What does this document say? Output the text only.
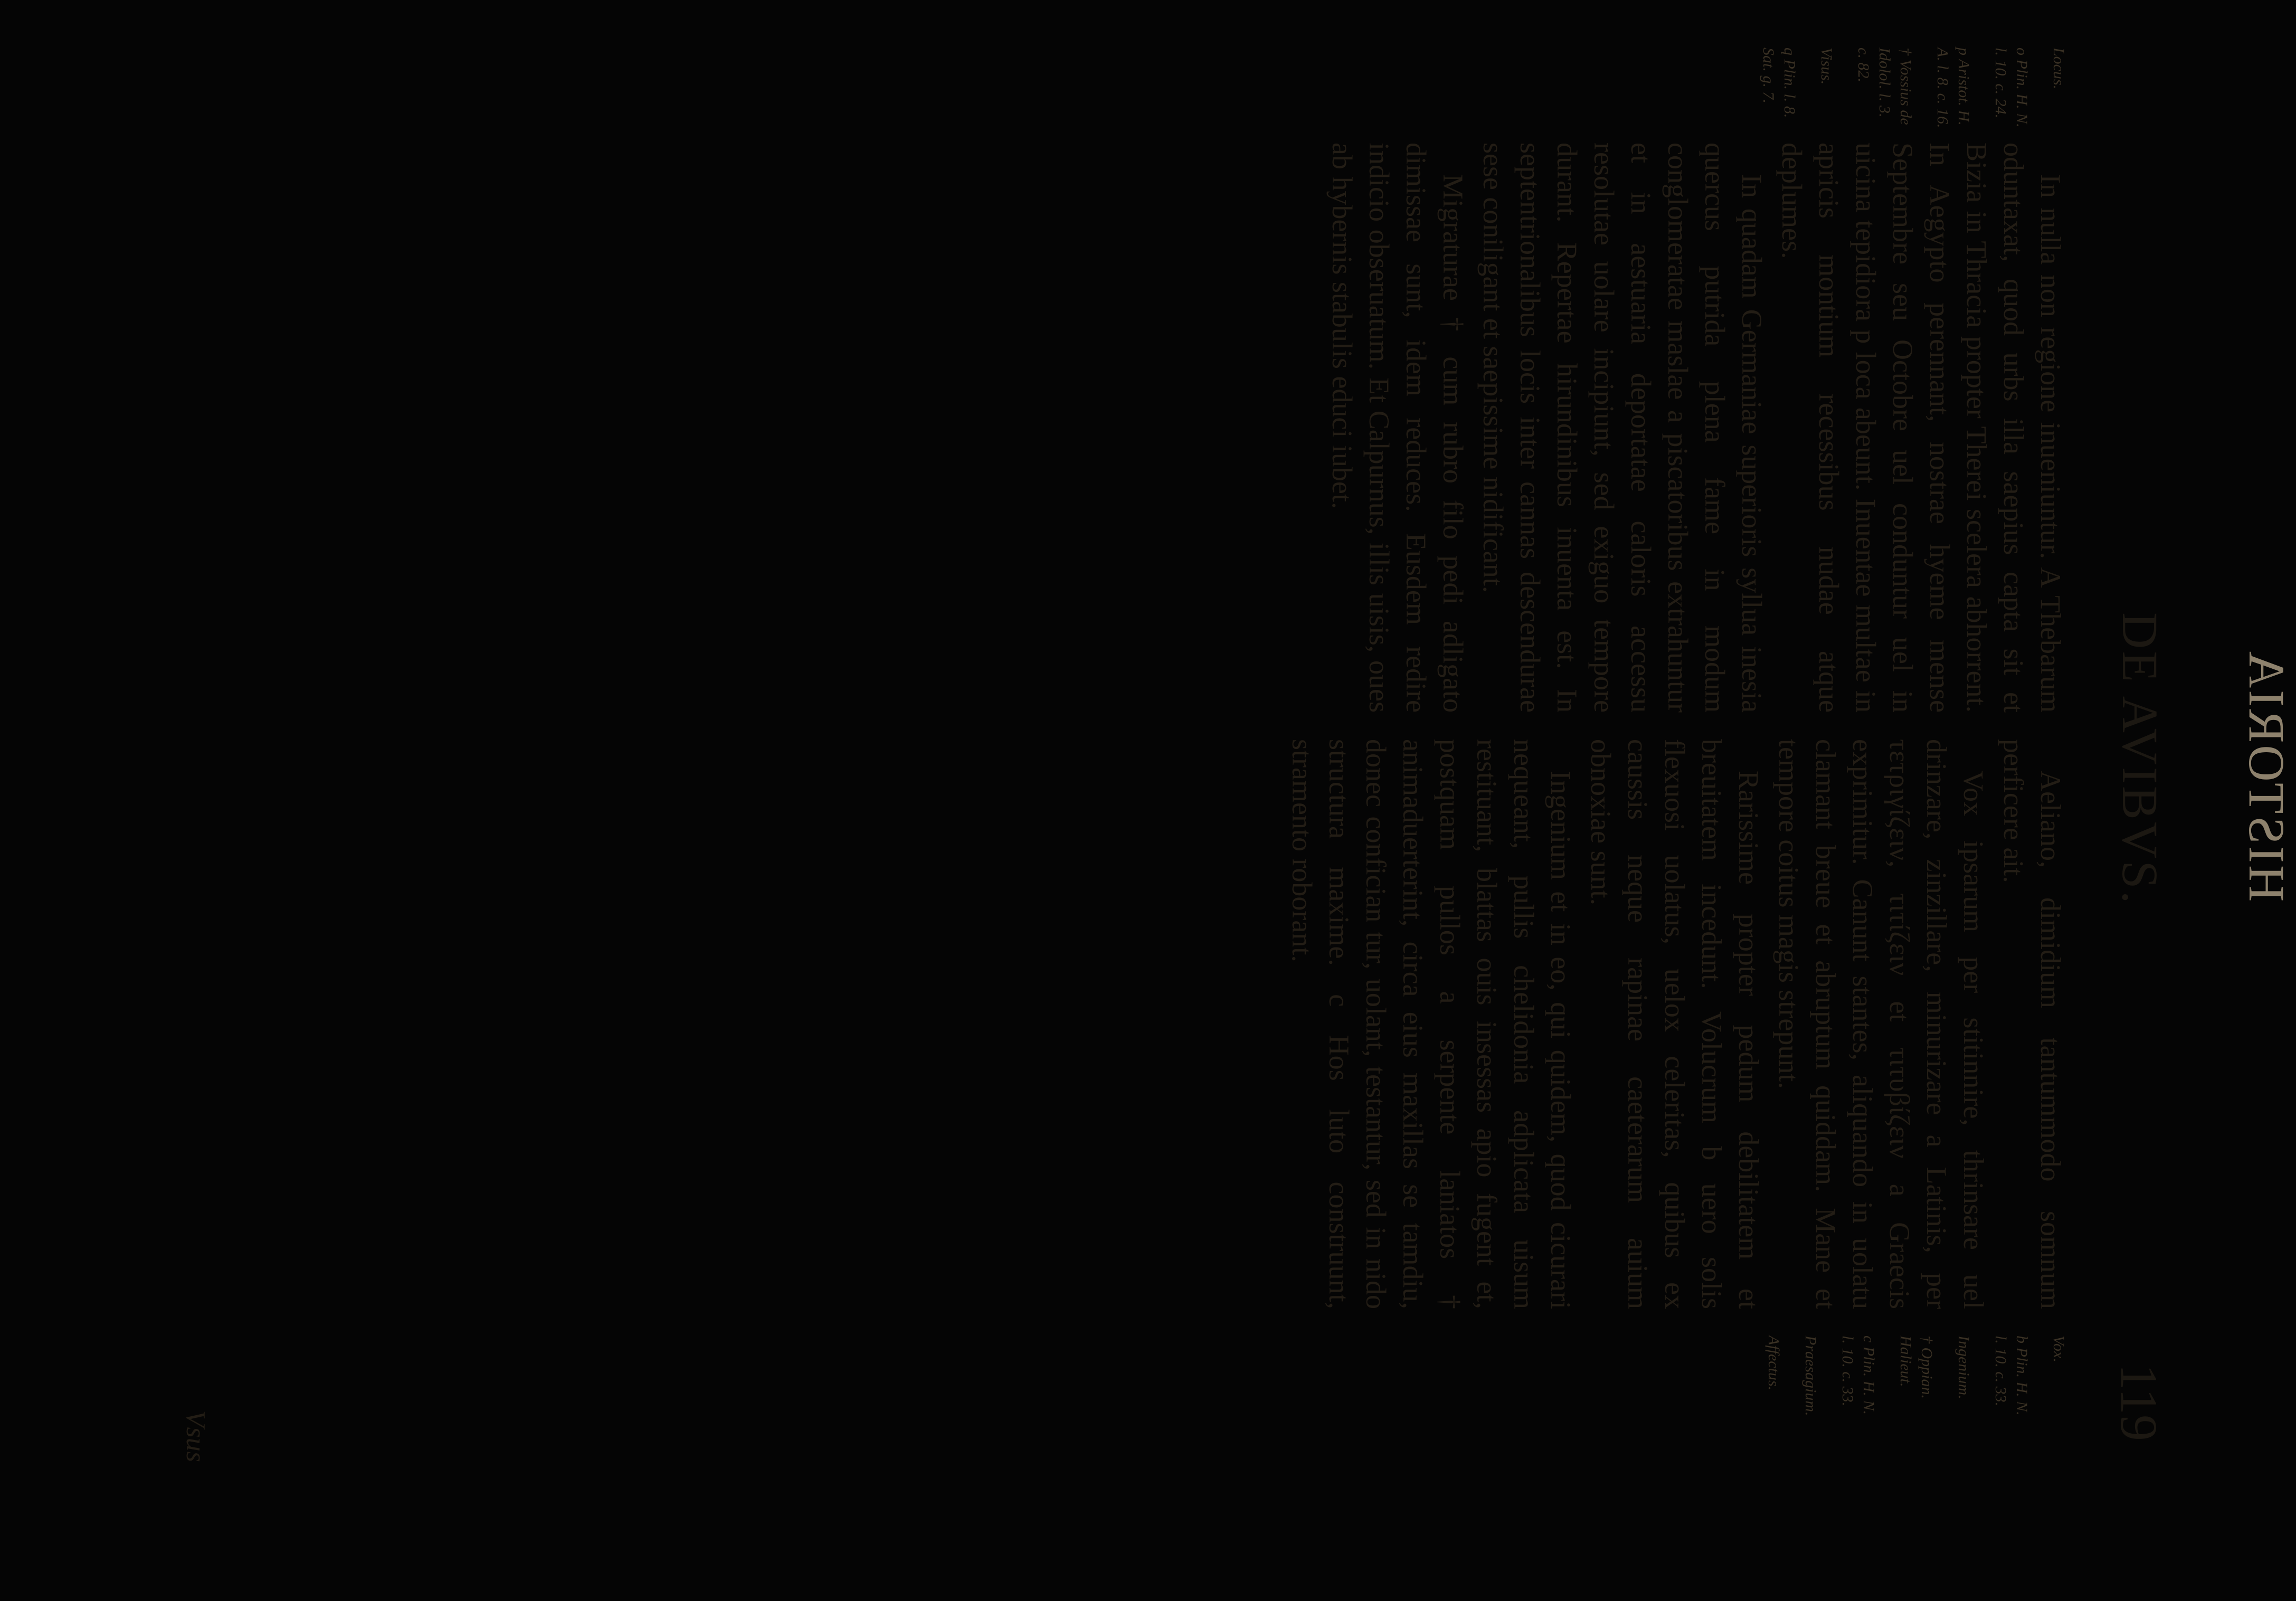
HISTORIA
DE AVIBVS.
119
Locus.
o Plin. H. N. l. 10. c. 24.
p Aristot. H. A. l. 8. c. 16.
† Vossius de Idolol. l. 3. c. 82.
Visus.
q Plin. l. 8. Sat. g. 7.

In nulla non regione inueniuntur. A Thebarum oduntaxat, quod urbs illa saepius capta sit et Bizia in Thracia propter Therei scelera abhorrent. In Aegypto perennant, nostrae hyeme mense Septembre seu Octobre uel conduntur uel in uicina tepidiora p loca abeunt. Inuentae multae in apricis montium recessibus nudae atque deplumes.

In quadam Germaniae superioris syllua inesia quercus putrida plena fame in modum conglomeratae maslae a piscatoribus extrahuntur et in aestuaria deportatae caloris accessu resolutae uolare incipiunt, sed exiguo tempore durant. Repertae hirundinibus inuenta est. In septentrionalibus locis inter cannas descendurae sese coniligant et saepissime nidificant.

Migraturae † cum rubro filo pedi adligato dimissae sunt, idem reduces. Eusdem redire indicio obseruatum. Et Calpurnus, illis uisis, oues ab hybernis stabulis educi iubet.

Aeliano, dimidium tantummodo somnum perficere ait.

Vox ipsarum per stitinnire, thrinsare uel drinzare, zinzillare, minurizare a Latinis, per τετριγίζειν, τιτίζειν et τιτυβίζειν a Graecis exprimitur. Canunt stantes, aliquando in uolatu clamant breue et abruptum quiddam. Mane et tempore coitus magis strepunt.

Rarissime propter pedum debilitatem et breuitatem incedunt. Volucrum b uero solis flexuosi uolatus, uelox celeritas, quibus ex caussis neque rapinae caeterarum auium obnoxiae sunt.

Ingenium et in eo, qui quidem, quod cicurari nequeant, pullis chelidonia adplicata uisum restituant, blattas ouis insessas apio fugent et, postquam pullos a serpente laniatos † animaduerterint, circa eius maxillas se tamdiu, donec confician tur, uolant, testantur, sed in nido structura maxime. c Hos luto construunt, stramento roborant.

Vox.
b Plin. H. N. l. 10. c. 33.
Ingenium.
† Oppian. Halieut.
c Plin. H. N. l. 10. c. 33.
Praesagium.
Affectus.
Vsus
